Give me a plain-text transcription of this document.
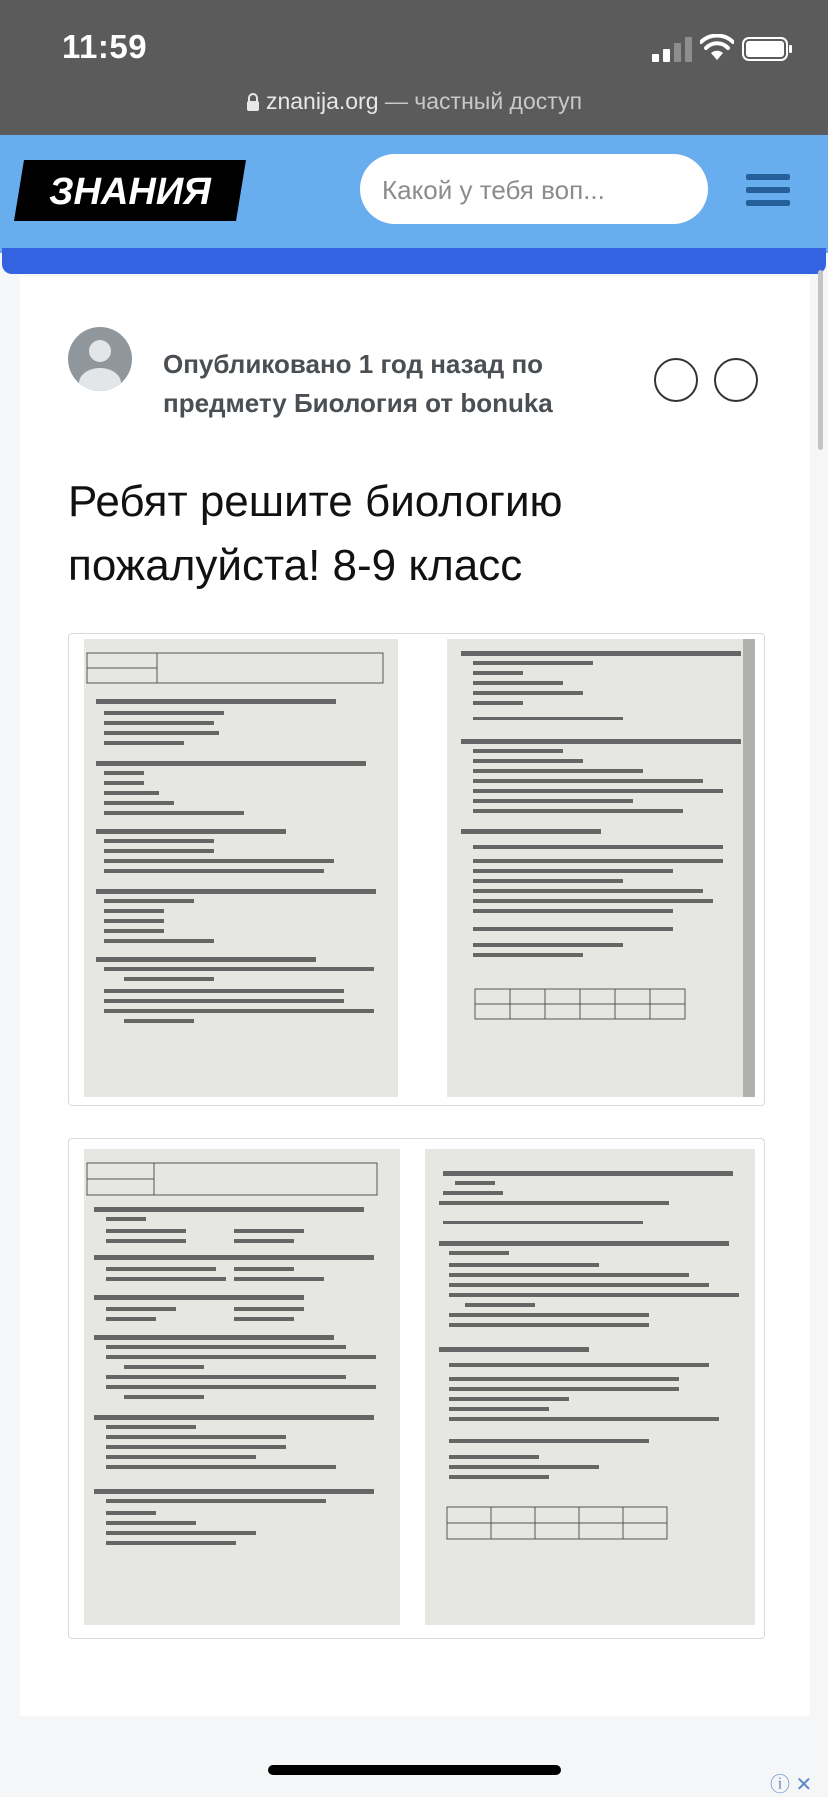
11:59
znanija.org — частный доступ
ЗНАНИЯ
Какой у тебя воп...
Опубликовано 1 год назад по предмету Биология от bonuka
Ребят решите биологию пожалуйста! 8-9 класс
ⓘ ✕
